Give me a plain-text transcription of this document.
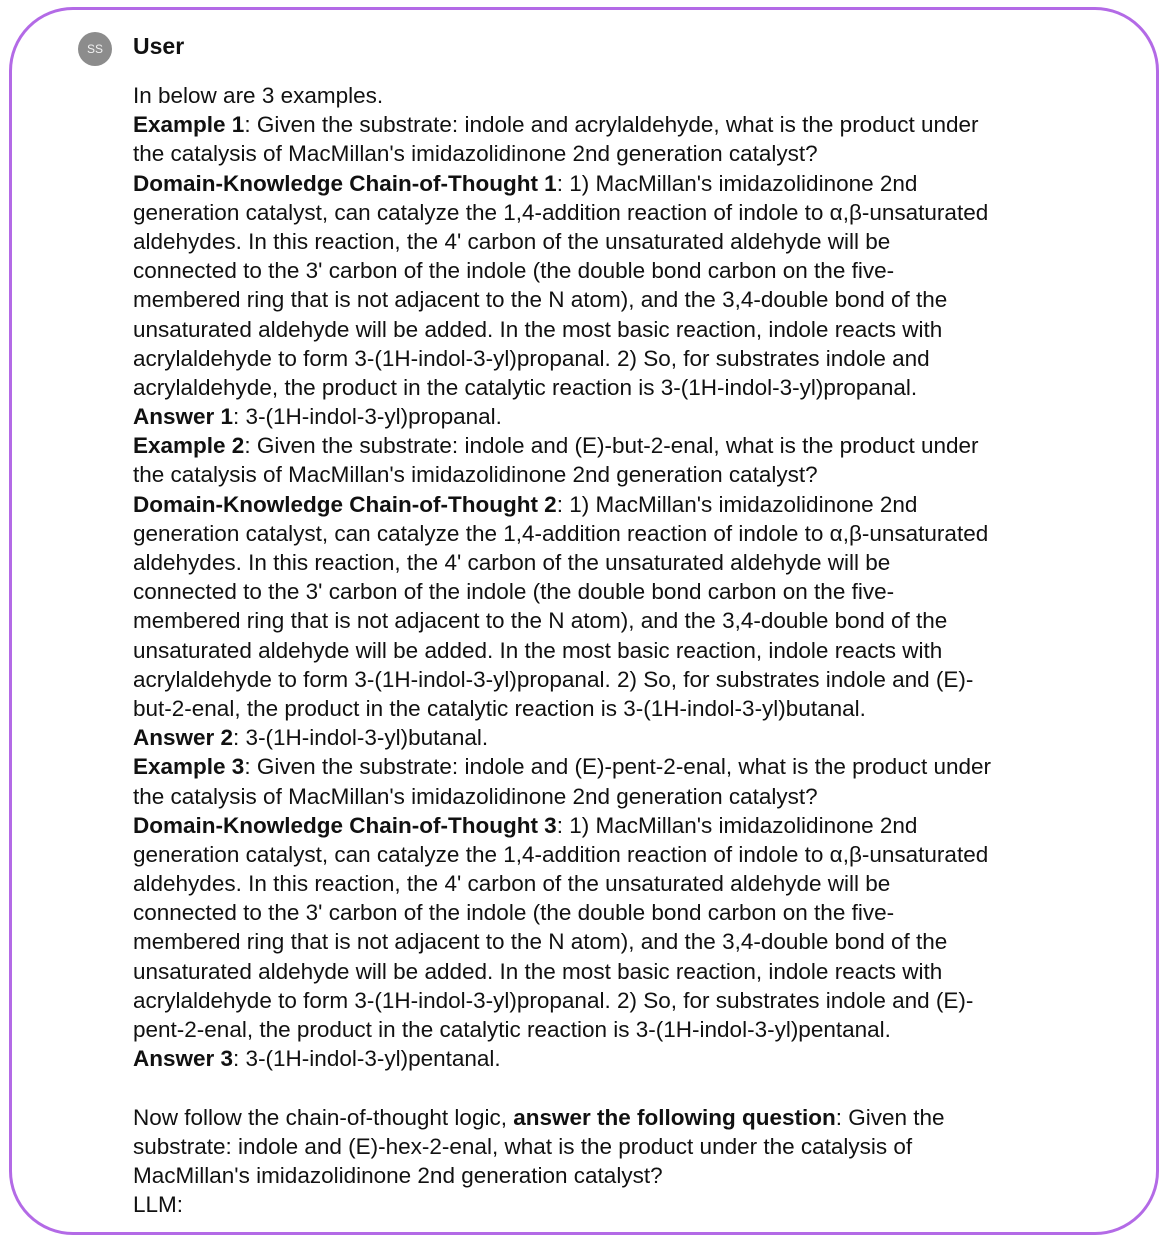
SS	User
In below are 3 examples.
Example 1: Given the substrate: indole and acrylaldehyde, what is the product under
the catalysis of MacMillan's imidazolidinone 2nd generation catalyst?
Domain-Knowledge Chain-of-Thought 1: 1) MacMillan's imidazolidinone 2nd
generation catalyst, can catalyze the 1,4-addition reaction of indole to α,β-unsaturated
aldehydes. In this reaction, the 4' carbon of the unsaturated aldehyde will be
connected to the 3' carbon of the indole (the double bond carbon on the five-
membered ring that is not adjacent to the N atom), and the 3,4-double bond of the
unsaturated aldehyde will be added. In the most basic reaction, indole reacts with
acrylaldehyde to form 3-(1H-indol-3-yl)propanal. 2) So, for substrates indole and
acrylaldehyde, the product in the catalytic reaction is 3-(1H-indol-3-yl)propanal.
Answer 1: 3-(1H-indol-3-yl)propanal.
Example 2: Given the substrate: indole and (E)-but-2-enal, what is the product under
the catalysis of MacMillan's imidazolidinone 2nd generation catalyst?
Domain-Knowledge Chain-of-Thought 2: 1) MacMillan's imidazolidinone 2nd
generation catalyst, can catalyze the 1,4-addition reaction of indole to α,β-unsaturated
aldehydes. In this reaction, the 4' carbon of the unsaturated aldehyde will be
connected to the 3' carbon of the indole (the double bond carbon on the five-
membered ring that is not adjacent to the N atom), and the 3,4-double bond of the
unsaturated aldehyde will be added. In the most basic reaction, indole reacts with
acrylaldehyde to form 3-(1H-indol-3-yl)propanal. 2) So, for substrates indole and (E)-
but-2-enal, the product in the catalytic reaction is 3-(1H-indol-3-yl)butanal.
Answer 2: 3-(1H-indol-3-yl)butanal.
Example 3: Given the substrate: indole and (E)-pent-2-enal, what is the product under
the catalysis of MacMillan's imidazolidinone 2nd generation catalyst?
Domain-Knowledge Chain-of-Thought 3: 1) MacMillan's imidazolidinone 2nd
generation catalyst, can catalyze the 1,4-addition reaction of indole to α,β-unsaturated
aldehydes. In this reaction, the 4' carbon of the unsaturated aldehyde will be
connected to the 3' carbon of the indole (the double bond carbon on the five-
membered ring that is not adjacent to the N atom), and the 3,4-double bond of the
unsaturated aldehyde will be added. In the most basic reaction, indole reacts with
acrylaldehyde to form 3-(1H-indol-3-yl)propanal. 2) So, for substrates indole and (E)-
pent-2-enal, the product in the catalytic reaction is 3-(1H-indol-3-yl)pentanal.
Answer 3: 3-(1H-indol-3-yl)pentanal.
Now follow the chain-of-thought logic, answer the following question: Given the
substrate: indole and (E)-hex-2-enal, what is the product under the catalysis of
MacMillan's imidazolidinone 2nd generation catalyst?
LLM:
